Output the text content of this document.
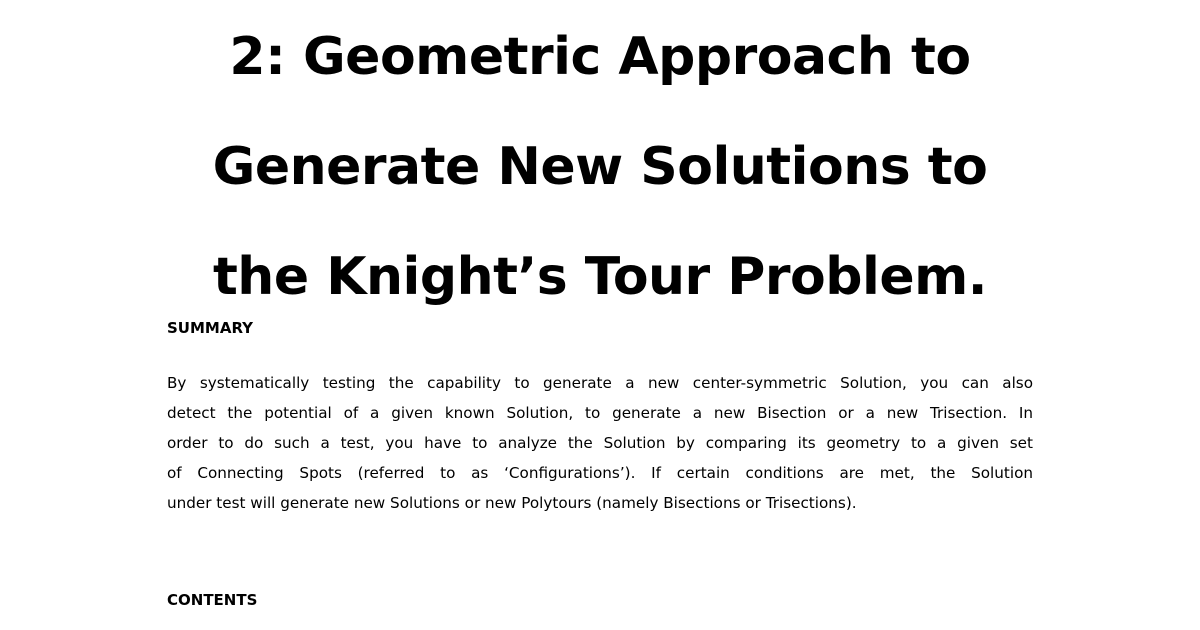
2: Geometric Approach to
Generate New Solutions to
the Knight’s Tour Problem.
SUMMARY
By systematically testing the capability to generate a new center-symmetric Solution, you can also
detect the potential of a given known Solution, to generate a new Bisection or a new Trisection. In
order to do such a test, you have to analyze the Solution by comparing its geometry to a given set
of Connecting Spots (referred to as ‘Configurations’). If certain conditions are met, the Solution
under test will generate new Solutions or new Polytours (namely Bisections or Trisections).
CONTENTS
